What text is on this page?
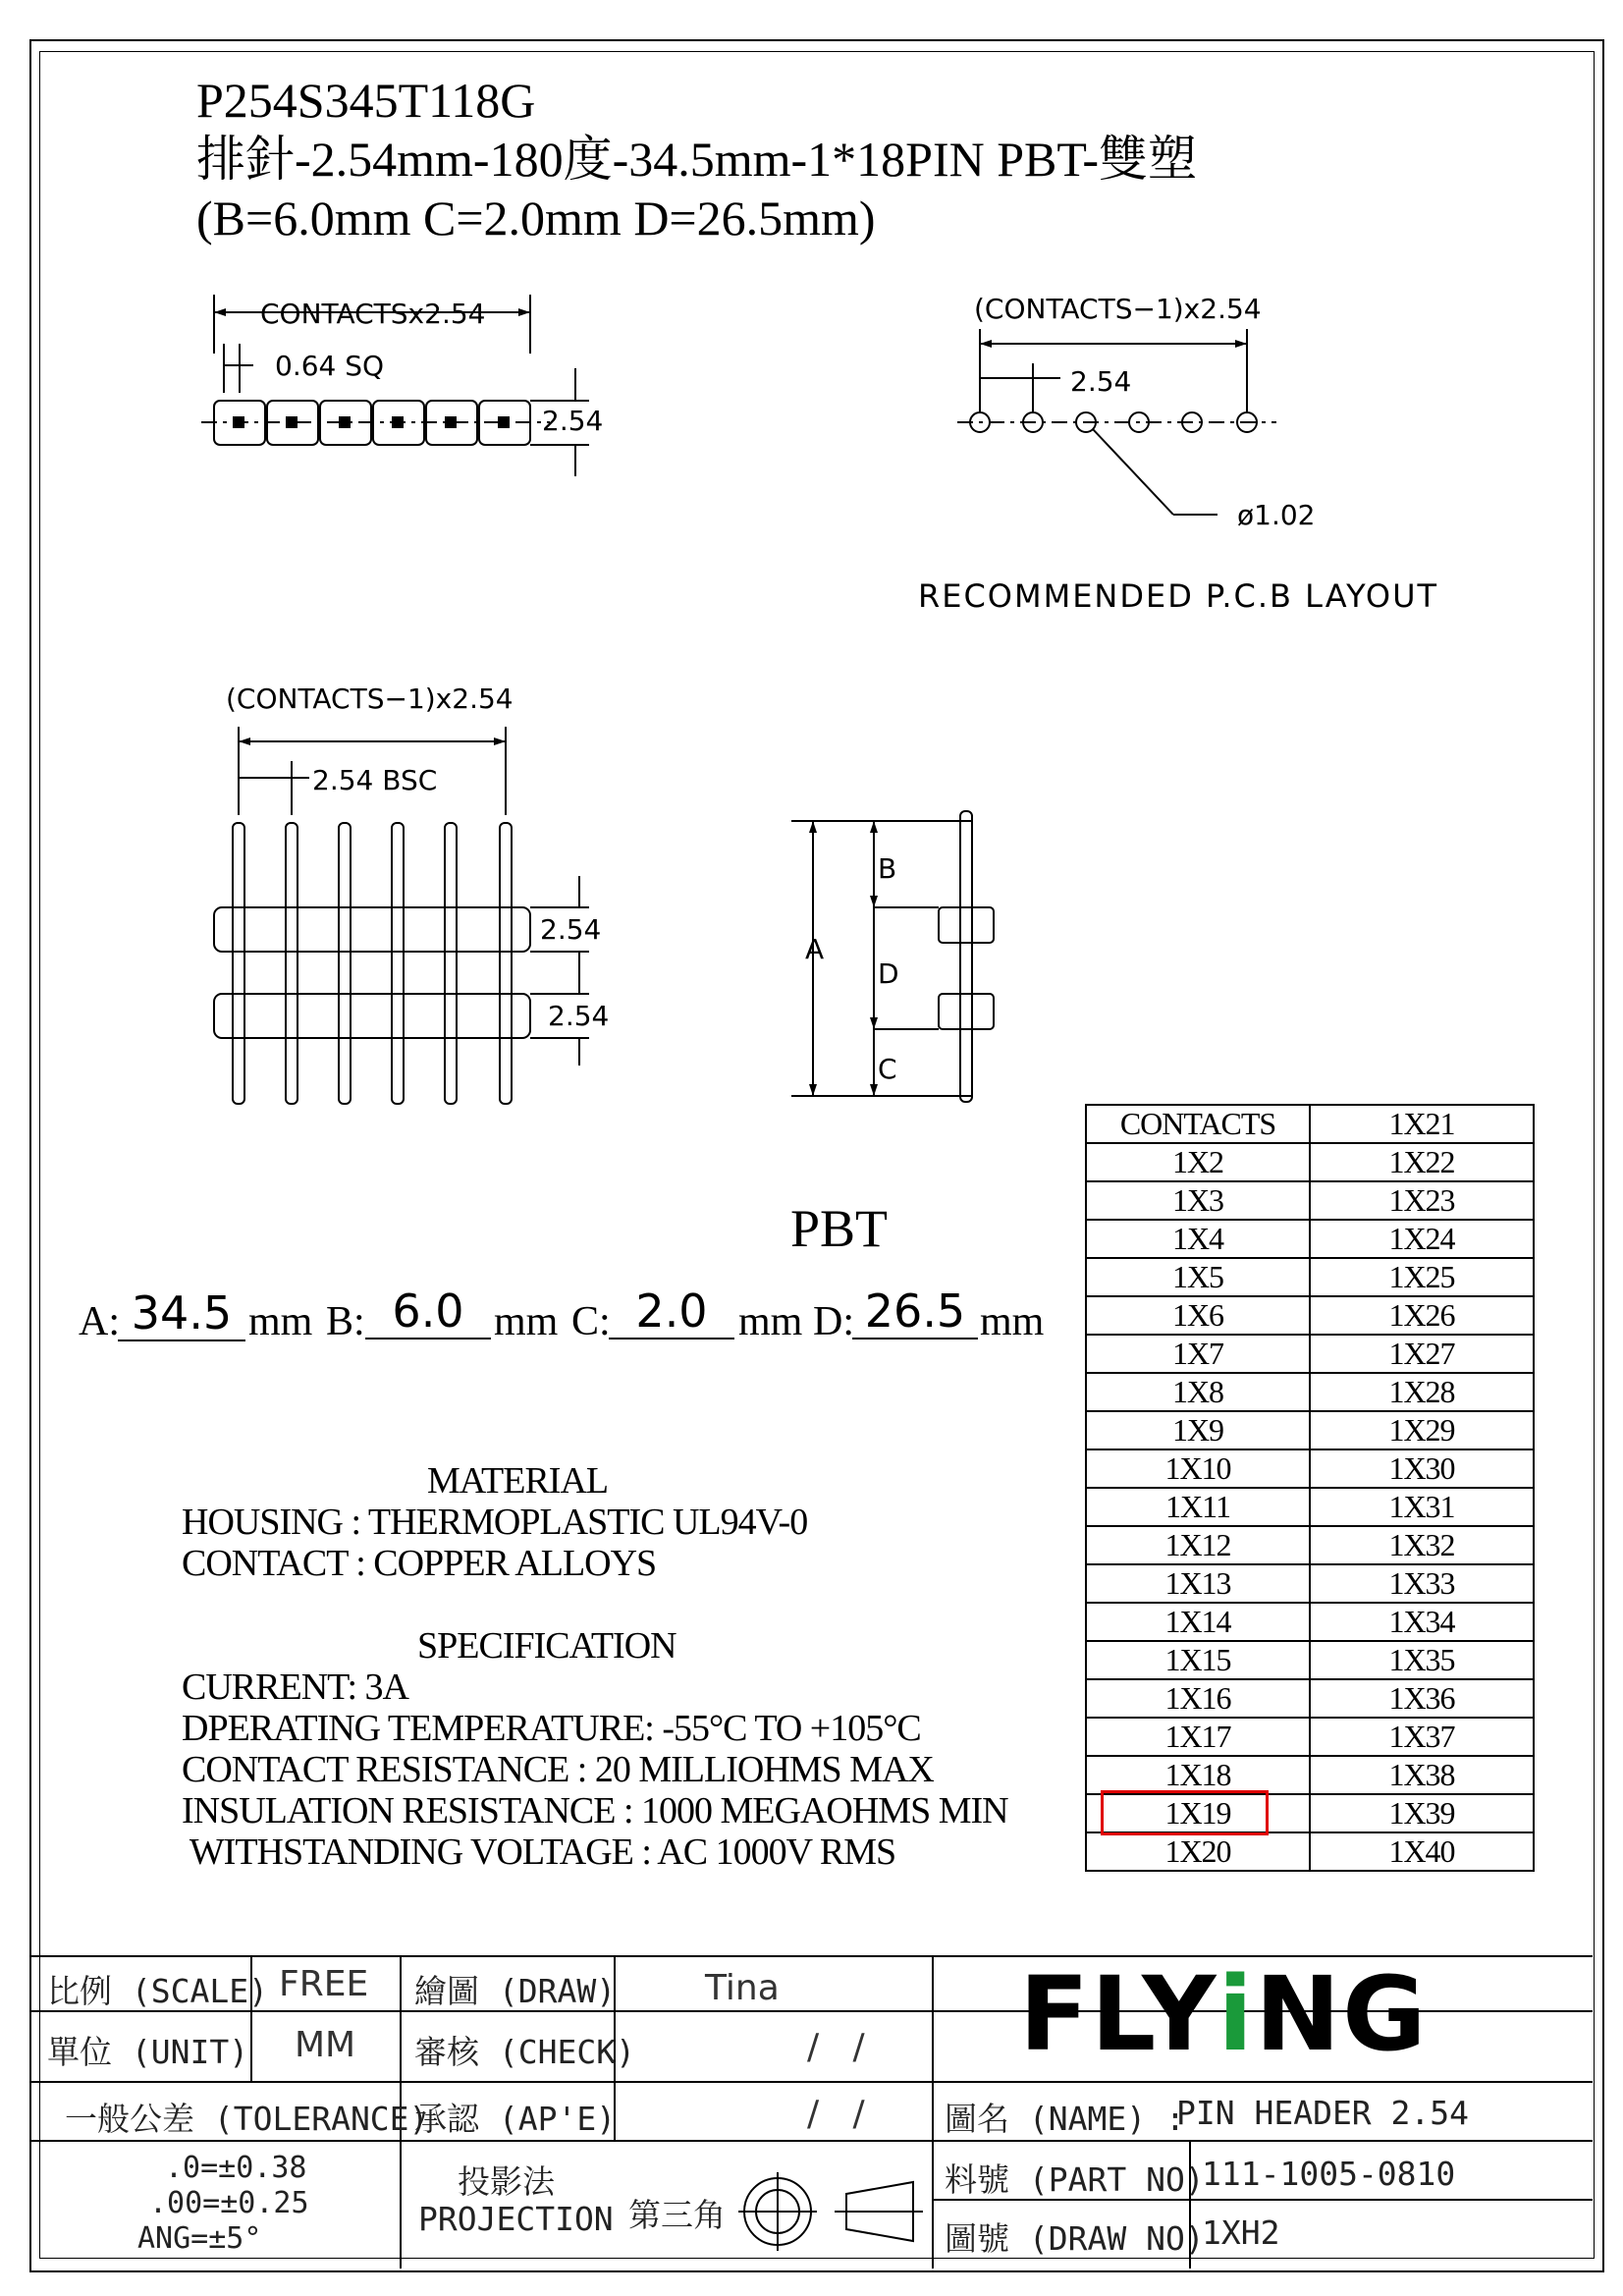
P254S345T118G
排針-2.54mm-180度-34.5mm-1*18PIN PBT-雙塑
(B=6.0mm C=2.0mm D=26.5mm)
CONTACTSx2.54
0.64 SQ
2.54
(CONTACTS−1)x2.54
2.54
ø1.02
RECOMMENDED P.C.B LAYOUT
(CONTACTS−1)x2.54
2.54 BSC
2.54
2.54
A
B
D
C
PBT
A: 34.5 mm B: 6.0 mm C: 2.0 mm D: 26.5 mm
MATERIAL
HOUSING : THERMOPLASTIC UL94V-0
CONTACT : COPPER ALLOYS
SPECIFICATION
CURRENT: 3A
DPERATING TEMPERATURE: -55°C TO +105°C
CONTACT RESISTANCE : 20 MILLIOHMS MAX
INSULATION RESISTANCE : 1000 MEGAOHMS MIN
WITHSTANDING VOLTAGE : AC 1000V RMS
CONTACTS	1X21
1X2	1X22
1X3	1X23
1X4	1X24
1X5	1X25
1X6	1X26
1X7	1X27
1X8	1X28
1X9	1X29
1X10	1X30
1X11	1X31
1X12	1X32
1X13	1X33
1X14	1X34
1X15	1X35
1X16	1X36
1X17	1X37
1X18	1X38
1X19	1X39
1X20	1X40
比例 (SCALE) FREE
單位 (UNIT) MM
一般公差 (TOLERANCE)
.0=±0.38
.00=±0.25
ANG=±5°
繪圖 (DRAW)	Tina
審核 (CHECK)	/   /
承認 (AP'E)	/   /
投影法
PROJECTION 第三角
FLYiNG
圖名 (NAME) :
PIN HEADER 2.54
料號 (PART NO)
111-1005-0810
圖號 (DRAW NO)
1XH2
